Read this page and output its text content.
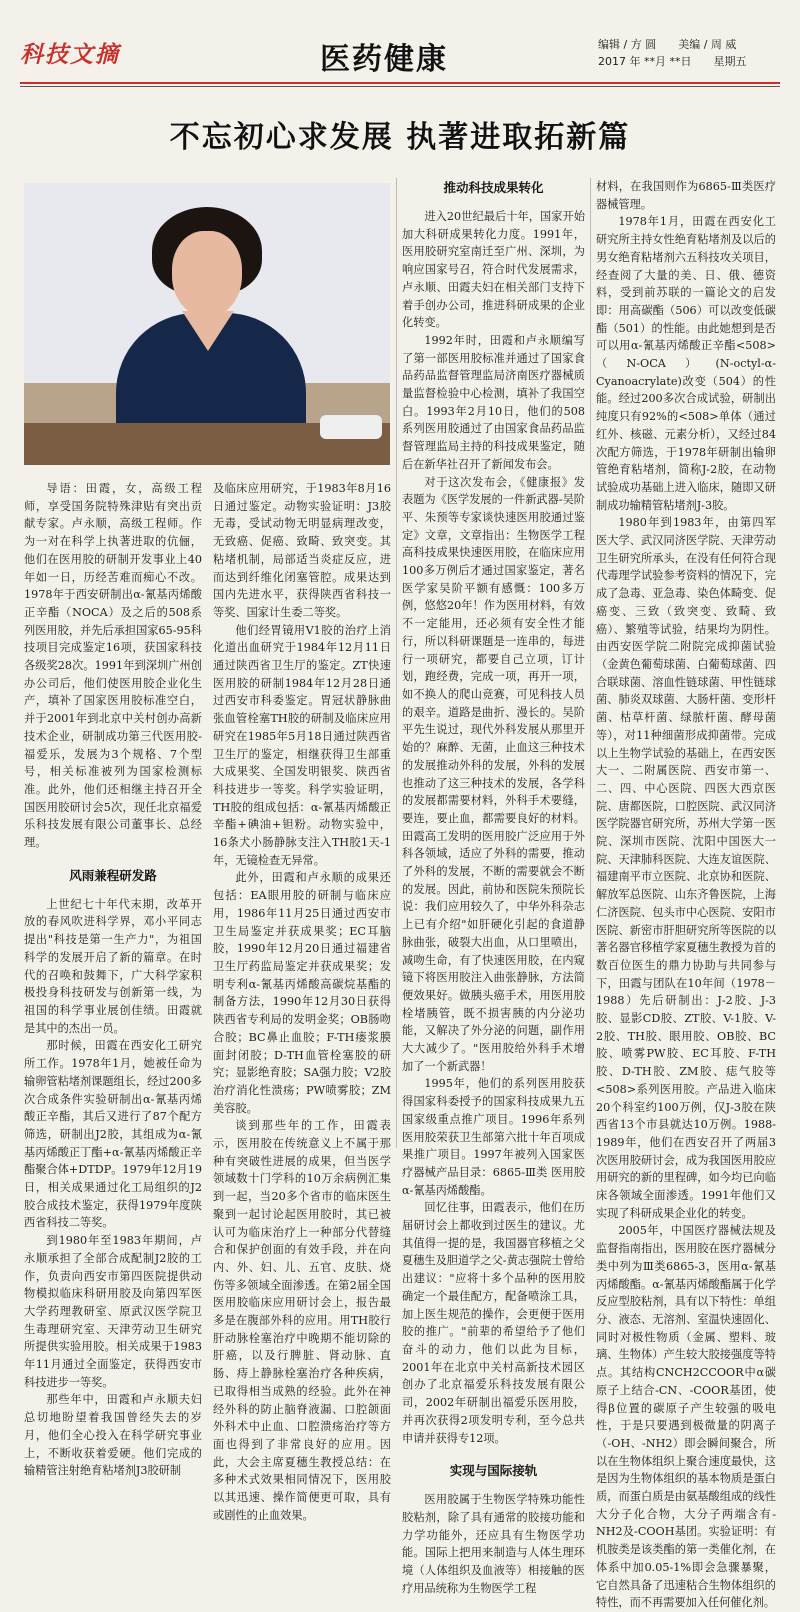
科技文摘	医药健康	编辑 / 方 圆　　美编 / 周 威
2017 年 **月 **日　　星期五
不忘初心求发展 执著进取拓新篇

导语：田霞，女，高级工程师，享受国务院特殊津贴有突出贡献专家。卢永顺，高级工程师。作为一对在科学上执著进取的伉俪，他们在医用胶的研制开发事业上40年如一日，历经苦难而痴心不改。1978年于西安研制出α-氰基丙烯酸正辛酯（NOCA）及之后的508系列医用胶，并先后承担国家65-95科技项目完成鉴定16项，获国家科技各级奖28次。1991年到深圳广州创办公司后，他们使医用胶企业化生产，填补了国家医用胶标准空白，并于2001年到北京中关村创办高新技术企业，研制成功第三代医用胶-福爱乐，发展为3个规格、7个型号，相关标准被列为国家检测标准。此外，他们还相继主持召开全国医用胶研讨会5次，现任北京福爱乐科技发展有限公司董事长、总经理。

风雨兼程研发路

上世纪七十年代末期，改革开放的春风吹进科学界，邓小平同志提出"科技是第一生产力"，为祖国科学的发展开启了新的篇章。在时代的召唤和鼓舞下，广大科学家积极投身科技研发与创新第一线，为祖国的科学事业展创佳绩。田霞就是其中的杰出一员。

那时候，田霞在西安化工研究所工作。1978年1月，她被任命为输卵管粘堵剂课题组长，经过200多次合成条件实验研制出α-氰基丙烯酸正辛酯，其后又进行了87个配方筛选，研制出J2胶，其组成为α-氰基丙烯酸正丁酯+α-氰基丙烯酸正辛酯聚合体+DTDP。1979年12月19日，相关成果通过化工局组织的J2胶合成技术鉴定，获得1979年度陕西省科技二等奖。

到1980年至1983年期间，卢永顺承担了全部合成配制J2胶的工作，负责向西安市第四医院提供动物模拟临床科研用胶及向第四军医大学药理教研室、原武汉医学院卫生毒理研究室、天津劳动卫生研究所提供实验用胶。相关成果于1983年11月通过全面鉴定，获得西安市科技进步一等奖。

那些年中，田霞和卢永顺夫妇总切地盼望着我国曾经失去的岁月，他们全心投入在科学研究事业上，不断收获着爱硬。他们完成的输精管注射绝育粘堵剂J3胶研制

及临床应用研究，于1983年8月16日通过鉴定。动物实验证明：J3胶无毒，受试动物无明显病理改变，无致癌、促癌、致畸、致突变。其粘堵机制，局部适当炎症反应，进而达到纤维化闭塞管腔。成果达到国内先进水平，获得陕西省科技一等奖、国家计生委二等奖。

他们经胃镜用V1胶的治疗上消化道出血研究于1984年12月11日通过陕西省卫生厅的鉴定。ZT快速医用胶的研制1984年12月28日通过西安市科委鉴定。胃冠状静脉曲张血管栓塞TH胶的研制及临床应用研究在1985年5月18日通过陕西省卫生厅的鉴定，相继获得卫生部重大成果奖、全国发明银奖、陕西省科技进步一等奖。科学实验证明，TH胶的组成包括：α-氰基丙烯酸正辛酯+碘油+钽粉。动物实验中，16条犬小肠静脉支注入TH胶1天-1年，无镜检查无异常。

此外，田霞和卢永顺的成果还包括：EA眼用胶的研制与临床应用，1986年11月25日通过西安市卫生局鉴定并获成果奖；EC耳脑胶，1990年12月20日通过福建省卫生厅药监局鉴定并获成果奖；发明专利α-氰基丙烯酸高碳烷基酯的制备方法，1990年12月30日获得陕西省专利局的发明金奖；OB肠吻合胶；BC鼻止血胶；F-TH瘘浆膜面封闭胶；D-TH血管栓塞胶的研究；显影绝育胶；SA强力胶；V2胶治疗消化性溃疡；PW喷雾胶；ZM美容胶。

谈到那些年的工作，田霞表示，医用胶在传统意义上不属于那种有突破性进展的成果，但当医学领域数十门学科的10万余病例汇集到一起，当20多个省市的临床医生聚到一起讨论起医用胶时，其已被认可为临床治疗上一种部分代替缝合和保护创面的有效手段，并在向内、外、妇、儿、五官、皮肤、烧伤等多领域全面渗透。在第2届全国医用胶临床应用研讨会上，报告最多是在腹部外科的应用。用TH胶行肝动脉栓塞治疗中晚期不能切除的肝癌，以及行脾脏、肾动脉、直肠、痔上静脉栓塞治疗各种疾病，已取得相当成熟的经验。此外在神经外科的防止脑脊液漏、口腔颌面外科术中止血、口腔溃疡治疗等方面也得到了非常良好的应用。因此，大会主席夏穗生教授总结：在多种术式效果相同情况下，医用胶以其迅速、操作简便更可取，具有或剧性的止血效果。

推动科技成果转化

进入20世纪最后十年，国家开始加大科研成果转化力度。1991年，医用胶研究室南迁至广州、深圳，为响应国家号召，符合时代发展需求，卢永顺、田霞夫妇在相关部门支持下着手创办公司，推进科研成果的企业化转变。

1992年时，田霞和卢永顺编写了第一部医用胶标准并通过了国家食品药品监督管理监局济南医疗器械质量监督检验中心检测，填补了我国空白。1993年2月10日，他们的508系列医用胶通过了由国家食品药品监督管理监局主持的科技成果鉴定，随后在新华社召开了新闻发布会。

对于这次发布会，《健康报》发表题为《医学发展的一件新武器-吴阶平、朱预等专家谈快速医用胶通过鉴定》文章，文章指出：生物医学工程高科技成果快速医用胶，在临床应用100多万例后才通过国家鉴定，著名医学家吴阶平额有感慨：100多万例，悠悠20年！作为医用材料，有效不一定能用，还必须有安全性才能行，所以科研课题是一连串的，每进行一项研究，都要自己立项，订计划，跑经费，完成一项，再开一项，如不换人的爬山竞赛，可见科技人员的艰辛。道路是曲折、漫长的。吴阶平先生说过，现代外科发展从那里开始的？麻醉、无菌，止血这三种技术的发展推动外科的发展，外科的发展也推动了这三种技术的发展，各学科的发展都需要材料，外科手术要缝，要连，要止血，都需要良好的材料。田霞高工发明的医用胶广泛应用于外科各领域，适应了外科的需要，推动了外科的发展，不断的需要就会不断的发展。因此，前协和医院朱预院长说：我们应用较久了，中华外科杂志上已有介绍"如肝硬化引起的食道静脉曲张，破裂大出血，从口里喷出，减吻生命，有了快速医用胶，在内窥镜下将医用胶注入曲张静脉，方法简便效果好。做胰头癌手术，用医用胶栓堵胰管，既不损害胰的内分泌功能，又解决了外分泌的问题，副作用大大减少了。"医用胶给外科手术增加了一个新武器！

1995年，他们的系列医用胶获得国家科委授予的国家科技成果九五国家级重点推广项目。1996年系列医用胶荣获卫生部第六批十年百项成果推广项目。1997年被列入国家医疗器械产品目录：6865-Ⅲ类 医用胶α-氰基丙烯酸酯。

回忆往事，田霞表示，他们在历届研讨会上都收到过医生的建议。尤其值得一提的是，我国器官移植之父夏穗生及胆道学之父-黄志强院士曾给出建议："应将十多个品种的医用胶确定一个最佳配方，配备喷涂工具，加上医生规范的操作，会更便于医用胶的推广。"前辈的希望给予了他们奋斗的动力，他们以此为目标，2001年在北京中关村高新技术园区创办了北京福爱乐科技发展有限公司，2002年研制出福爱乐医用胶，并再次获得2项发明专利，至今总共申请并获得专12项。

实现与国际接轨

医用胶属于生物医学特殊功能性胶粘剂，除了具有通常的胶接功能和力学功能外，还应具有生物医学功能。国际上把用来制造与人体生理环境（人体组织及血液等）相接触的医疗用品统称为生物医学工程

材料，在我国则作为6865-Ⅲ类医疗器械管理。

1978年1月，田霞在西安化工研究所主持女性绝育粘堵剂及以后的男女绝育粘堵剂六五科技攻关项目，经查阅了大量的美、日、俄、德资料，受到前苏联的一篇论文的启发即：用高碳酯（506）可以改变低碳酯（501）的性能。由此她想到是否可以用α-氰基丙烯酸正辛酯<508>（N-OCA）(N-octyl-α-Cyanoacrylate)改变（504）的性能。经过200多次合成试验，研制出纯度只有92%的<508>单体（通过红外、核磁、元素分析），又经过84次配方筛选，于1978年研制出输卵管绝育粘堵剂，简称J-2胶，在动物试验成功基础上进入临床，随即又研制成功输精管粘堵剂J-3胶。

1980年到1983年，由第四军医大学、武汉同济医学院、天津劳动卫生研究所承头，在没有任何符合现代毒理学试验参考资料的情况下，完成了急毒、亚急毒、染色体畸变、促癌变、三致（致突变、致畸、致癌）、繁殖等试验，结果均为阴性。由西安医学院二附院完成抑菌试验（金黄色葡萄球菌、白葡萄球菌、四合联球菌、溶血性链球菌、甲性链球菌、肺炎双球菌、大肠杆菌、变形杆菌、枯草杆菌、绿脓杆菌、酵母菌等），对11种细菌形成抑菌带。完成以上生物学试验的基础上，在西安医大一、二附属医院、西安市第一、二、四、中心医院、四医大西京医院、唐都医院，口腔医院、武汉同济医学院器官研究所，苏州大学第一医院、深圳市医院、沈阳中国医大一院、天津肺科医院、大连友谊医院、福建南平市立医院、北京协和医院、解放军总医院、山东齐鲁医院，上海仁济医院、包头市中心医院、安阳市医院、新密市肝胆研究所等医院的以著名器官移植学家夏穗生教授为首的数百位医生的鼎力协助与共同参与下，田霞与团队在10年间（1978－1988）先后研制出：J-2胶、J-3胶、显影CD胶、ZT胶、V-1胶、V-2胶、TH胶、眼用胶、OB胶、BC胶、喷雾PW胶、EC耳胶、F-TH胶、D-TH胶、ZM胶、痣气胶等<508>系列医用胶。产品进入临床20个科室约100万例，仅J-3胶在陕西省13个市县就达10万例。1988-1989年，他们在西安召开了两届3次医用胶研讨会，成为我国医用胶应用研究的新的里程碑，如今均已向临床各领域全面渗透。1991年他们又实现了科研成果企业化的转变。

2005年，中国医疗器械法规及监督指南指出，医用胶在医疗器械分类中列为Ⅲ类6865-3，医用α-氰基丙烯酸酯。α-氰基丙烯酸酯属于化学反应型胶粘剂，具有以下特性：单组分、液态、无溶剂、室温快速固化、同时对极性物质（金属、塑料、玻璃、生物体）产生较大胶接强度等特点。其结构CNCH2CCOOR中α碳原子上结合-CN、-COOR基团，使得β位置的碳原子产生较强的吸电性，于是只要遇到极微量的阴离子（-OH、-NH2）即会瞬间聚合，所以在生物体组织上聚合速度最快，这是因为生物体组织的基本物质是蛋白质，而蛋白质是由氨基酸组成的线性大分子化合物，大分子两端含有-NH2及-COOH基团。实验证明：有机胺类是该类酯的第一类催化剂，在体系中加0.05-1%即会急骤暴聚，它自然具备了迅速粘合生物体组织的特性，而不再需要加入任何催化剂。
